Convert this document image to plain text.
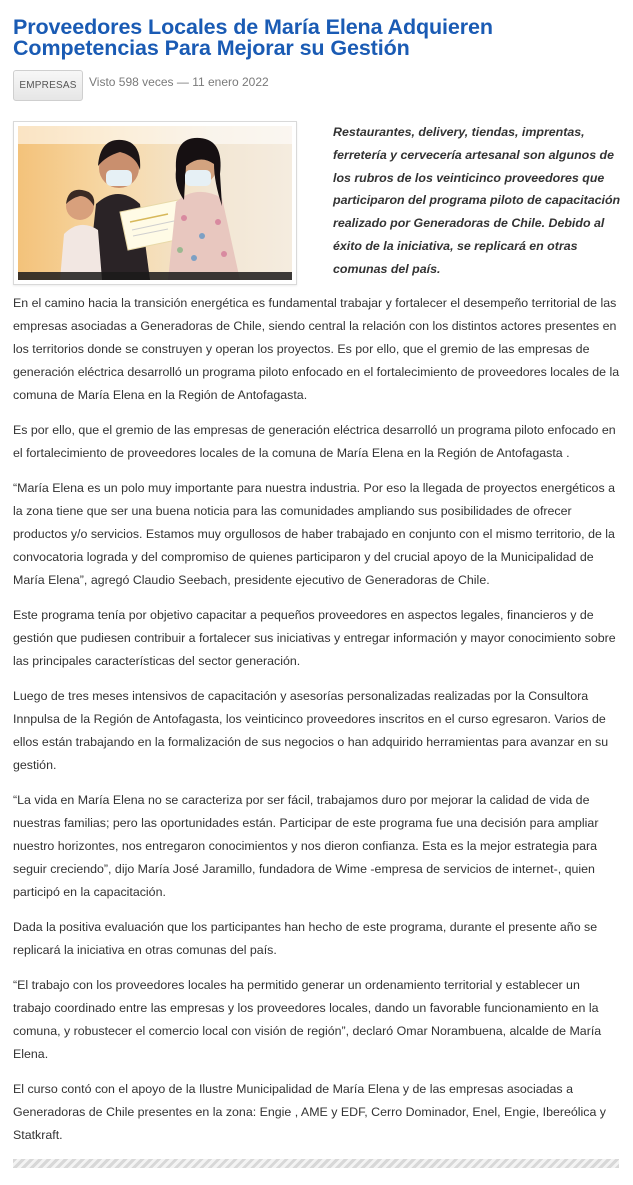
Proveedores Locales de María Elena Adquieren Competencias Para Mejorar su Gestión
EMPRESAS	Visto 598 veces — 11 enero 2022

Restaurantes, delivery, tiendas, imprentas, ferretería y cervecería artesanal son algunos de los rubros de los veinticinco proveedores que participaron del programa piloto de capacitación realizado por Generadoras de Chile. Debido al éxito de la iniciativa, se replicará en otras comunas del país.

En el camino hacia la transición energética es fundamental trabajar y fortalecer el desempeño territorial de las empresas asociadas a Generadoras de Chile, siendo central la relación con los distintos actores presentes en los territorios donde se construyen y operan los proyectos. Es por ello, que el gremio de las empresas de generación eléctrica desarrolló un programa piloto enfocado en el fortalecimiento de proveedores locales de la comuna de María Elena en la Región de Antofagasta.

Es por ello, que el gremio de las empresas de generación eléctrica desarrolló un programa piloto enfocado en el fortalecimiento de proveedores locales de la comuna de María Elena en la Región de Antofagasta .

“María Elena es un polo muy importante para nuestra industria. Por eso la llegada de proyectos energéticos a la zona tiene que ser una buena noticia para las comunidades ampliando sus posibilidades de ofrecer productos y/o servicios. Estamos muy orgullosos de haber trabajado en conjunto con el mismo territorio, de la convocatoria lograda y del compromiso de quienes participaron y del crucial apoyo de la Municipalidad de María Elena”, agregó Claudio Seebach, presidente ejecutivo de Generadoras de Chile.

Este programa tenía por objetivo capacitar a pequeños proveedores en aspectos legales, financieros y de gestión que pudiesen contribuir a fortalecer sus iniciativas y entregar información y mayor conocimiento sobre las principales características del sector generación.

Luego de tres meses intensivos de capacitación y asesorías personalizadas realizadas por la Consultora Innpulsa de la Región de Antofagasta, los veinticinco proveedores inscritos en el curso egresaron. Varios de ellos están trabajando en la formalización de sus negocios o han adquirido herramientas para avanzar en su gestión.

“La vida en María Elena no se caracteriza por ser fácil, trabajamos duro por mejorar la calidad de vida de nuestras familias; pero las oportunidades están. Participar de este programa fue una decisión para ampliar nuestro horizontes, nos entregaron conocimientos y nos dieron confianza. Esta es la mejor estrategia para seguir creciendo”, dijo María José Jaramillo, fundadora de Wime -empresa de servicios de internet-, quien participó en la capacitación.

Dada la positiva evaluación que los participantes han hecho de este programa, durante el presente año se replicará la iniciativa en otras comunas del país.

“El trabajo con los proveedores locales ha permitido generar un ordenamiento territorial y establecer un trabajo coordinado entre las empresas y los proveedores locales, dando un favorable funcionamiento en la comuna, y robustecer el comercio local con visión de región”, declaró Omar Norambuena, alcalde de María Elena.

El curso contó con el apoyo de la Ilustre Municipalidad de María Elena y de las empresas asociadas a Generadoras de Chile presentes en la zona: Engie , AME y EDF, Cerro Dominador, Enel, Engie, Ibereólica y Statkraft.
